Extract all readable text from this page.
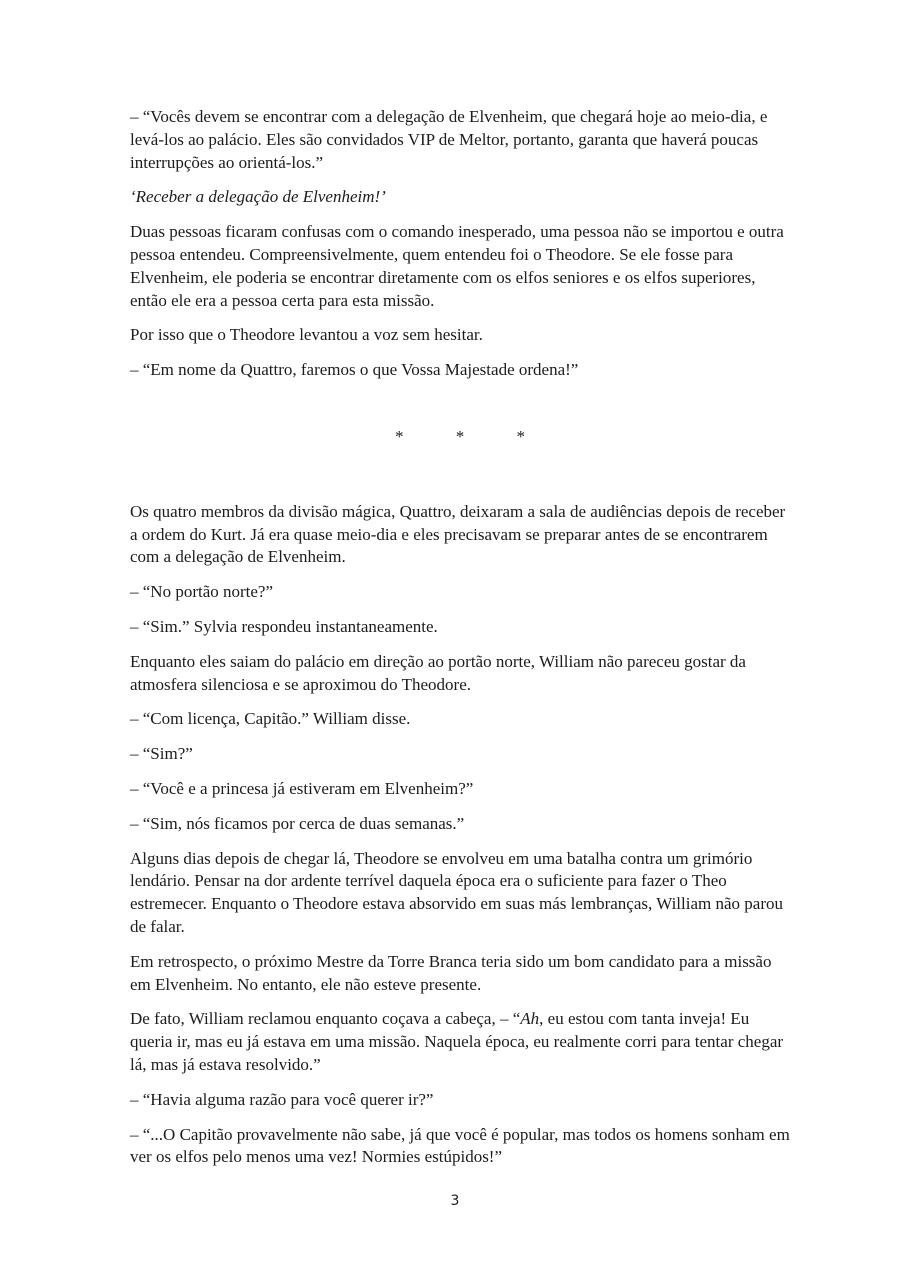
– “Vocês devem se encontrar com a delegação de Elvenheim, que chegará hoje ao meio-dia, e levá-los ao palácio. Eles são convidados VIP de Meltor, portanto, garanta que haverá poucas interrupções ao orientá-los.”

‘Receber a delegação de Elvenheim!’

Duas pessoas ficaram confusas com o comando inesperado, uma pessoa não se importou e outra pessoa entendeu. Compreensivelmente, quem entendeu foi o Theodore. Se ele fosse para Elvenheim, ele poderia se encontrar diretamente com os elfos seniores e os elfos superiores, então ele era a pessoa certa para esta missão.

Por isso que o Theodore levantou a voz sem hesitar.

– “Em nome da Quattro, faremos o que Vossa Majestade ordena!”

* * *

Os quatro membros da divisão mágica, Quattro, deixaram a sala de audiências depois de receber a ordem do Kurt. Já era quase meio-dia e eles precisavam se preparar antes de se encontrarem com a delegação de Elvenheim.

– “No portão norte?”

– “Sim.” Sylvia respondeu instantaneamente.

Enquanto eles saiam do palácio em direção ao portão norte, William não pareceu gostar da atmosfera silenciosa e se aproximou do Theodore.

– “Com licença, Capitão.” William disse.

– “Sim?”

– “Você e a princesa já estiveram em Elvenheim?”

– “Sim, nós ficamos por cerca de duas semanas.”

Alguns dias depois de chegar lá, Theodore se envolveu em uma batalha contra um grimório lendário. Pensar na dor ardente terrível daquela época era o suficiente para fazer o Theo estremecer. Enquanto o Theodore estava absorvido em suas más lembranças, William não parou de falar.

Em retrospecto, o próximo Mestre da Torre Branca teria sido um bom candidato para a missão em Elvenheim. No entanto, ele não esteve presente.

De fato, William reclamou enquanto coçava a cabeça, – “Ah, eu estou com tanta inveja! Eu queria ir, mas eu já estava em uma missão. Naquela época, eu realmente corri para tentar chegar lá, mas já estava resolvido.”

– “Havia alguma razão para você querer ir?”

– “...O Capitão provavelmente não sabe, já que você é popular, mas todos os homens sonham em ver os elfos pelo menos uma vez! Normies estúpidos!”

3
